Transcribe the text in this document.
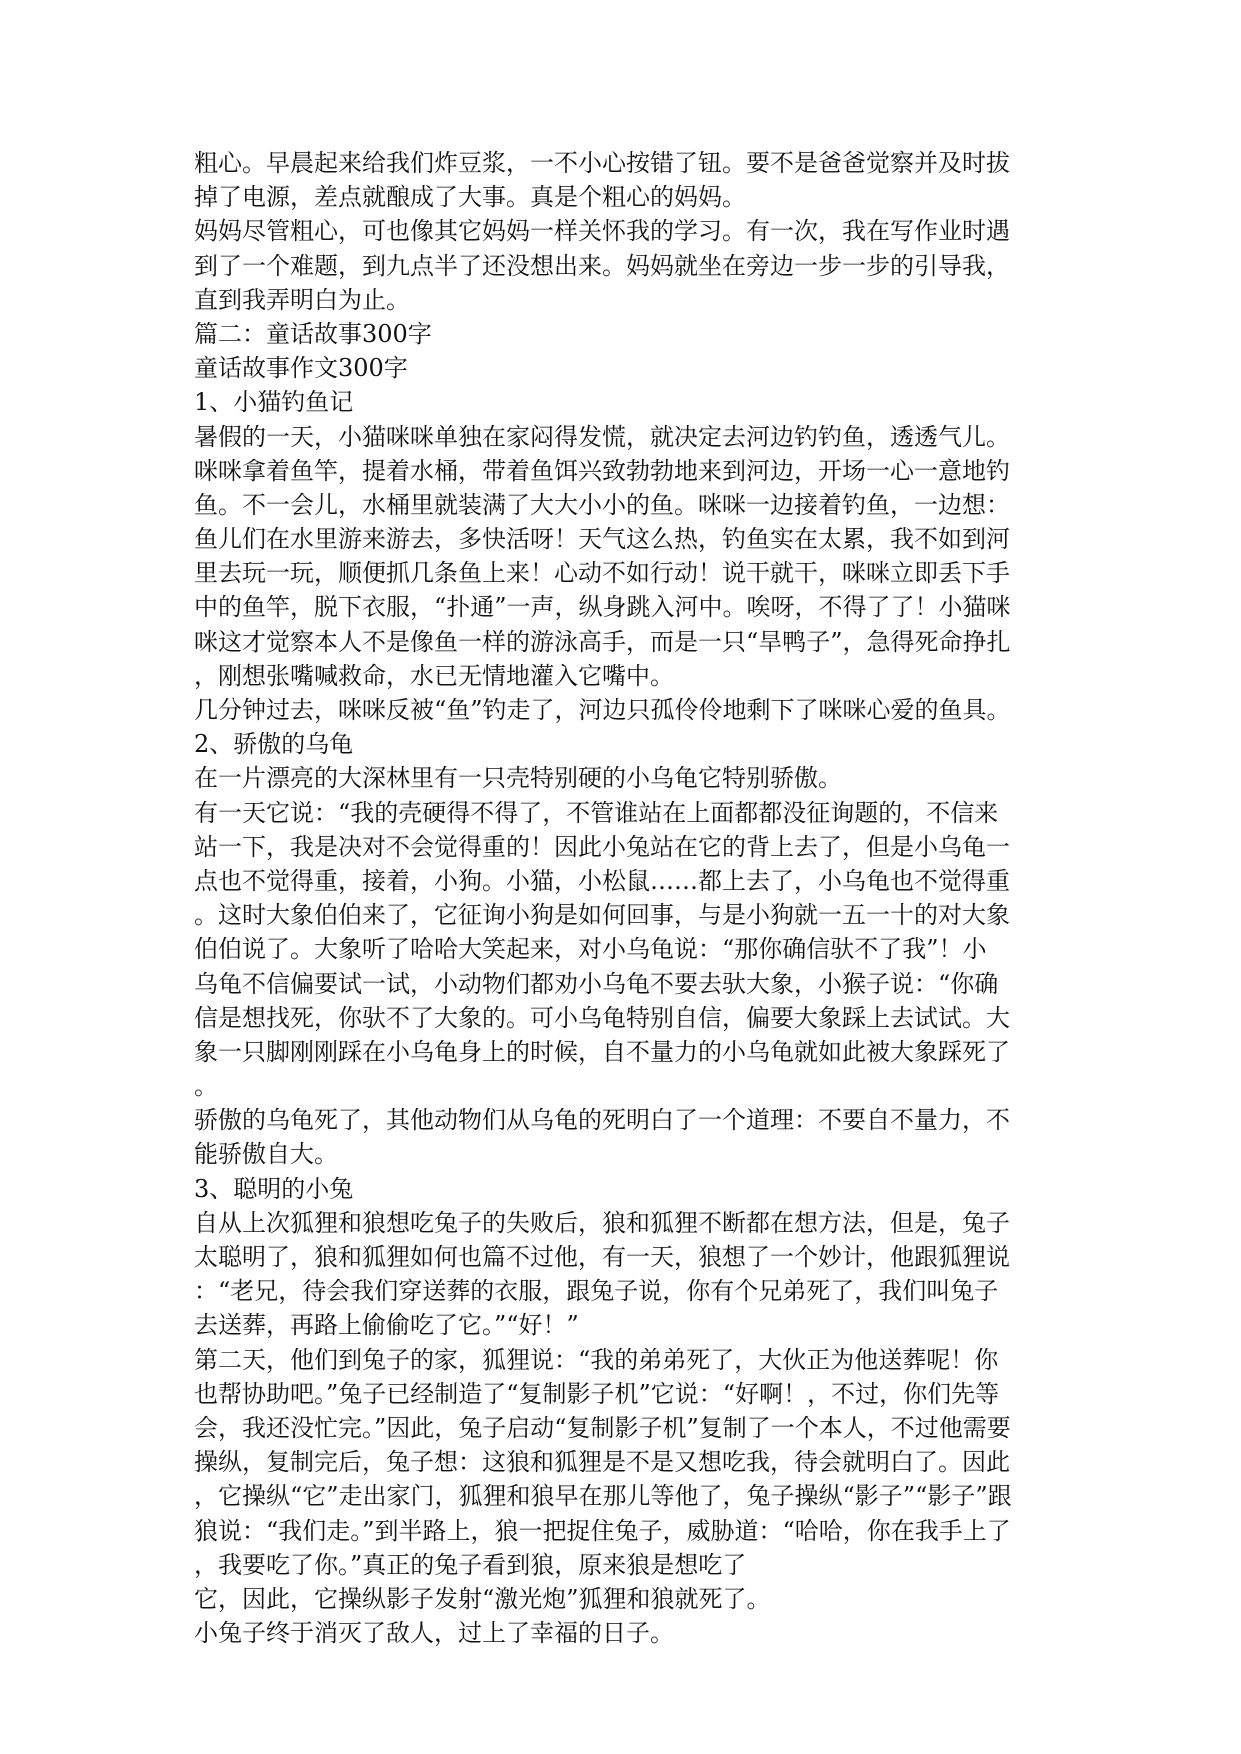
粗心。早晨起来给我们炸豆浆，一不小心按错了钮。要不是爸爸觉察并及时拔
掉了电源，差点就酿成了大事。真是个粗心的妈妈。
妈妈尽管粗心，可也像其它妈妈一样关怀我的学习。有一次，我在写作业时遇
到了一个难题，到九点半了还没想出来。妈妈就坐在旁边一步一步的引导我，
直到我弄明白为止。
篇二：童话故事300字
童话故事作文300字
1、小猫钓鱼记
暑假的一天，小猫咪咪单独在家闷得发慌，就决定去河边钓钓鱼，透透气儿。
咪咪拿着鱼竿，提着水桶，带着鱼饵兴致勃勃地来到河边，开场一心一意地钓
鱼。不一会儿，水桶里就装满了大大小小的鱼。咪咪一边接着钓鱼，一边想：
鱼儿们在水里游来游去，多快活呀！天气这么热，钓鱼实在太累，我不如到河
里去玩一玩，顺便抓几条鱼上来！心动不如行动！说干就干，咪咪立即丢下手
中的鱼竿，脱下衣服，“扑通”一声，纵身跳入河中。唉呀，不得了了！小猫咪
咪这才觉察本人不是像鱼一样的游泳高手，而是一只“旱鸭子”，急得死命挣扎
，刚想张嘴喊救命，水已无情地灌入它嘴中。
几分钟过去，咪咪反被“鱼”钓走了，河边只孤伶伶地剩下了咪咪心爱的鱼具。
2、骄傲的乌龟
在一片漂亮的大深林里有一只壳特别硬的小乌龟它特别骄傲。
有一天它说：“我的壳硬得不得了，不管谁站在上面都都没征询题的，不信来
站一下，我是决对不会觉得重的！因此小兔站在它的背上去了，但是小乌龟一
点也不觉得重，接着，小狗。小猫，小松鼠……都上去了，小乌龟也不觉得重
。这时大象伯伯来了，它征询小狗是如何回事，与是小狗就一五一十的对大象
伯伯说了。大象听了哈哈大笑起来，对小乌龟说：“那你确信驮不了我”！小
乌龟不信偏要试一试，小动物们都劝小乌龟不要去驮大象，小猴子说：“你确
信是想找死，你驮不了大象的。可小乌龟特别自信，偏要大象踩上去试试。大
象一只脚刚刚踩在小乌龟身上的时候，自不量力的小乌龟就如此被大象踩死了
。
骄傲的乌龟死了，其他动物们从乌龟的死明白了一个道理：不要自不量力，不
能骄傲自大。
3、聪明的小兔
自从上次狐狸和狼想吃兔子的失败后，狼和狐狸不断都在想方法，但是，兔子
太聪明了，狼和狐狸如何也篇不过他，有一天，狼想了一个妙计，他跟狐狸说
：“老兄，待会我们穿送葬的衣服，跟兔子说，你有个兄弟死了，我们叫兔子
去送葬，再路上偷偷吃了它。”“好！”
第二天，他们到兔子的家，狐狸说：“我的弟弟死了，大伙正为他送葬呢！你
也帮协助吧。”兔子已经制造了“复制影子机”它说：“好啊！，不过，你们先等
会，我还没忙完。”因此，兔子启动“复制影子机”复制了一个本人，不过他需要
操纵，复制完后，兔子想：这狼和狐狸是不是又想吃我，待会就明白了。因此
，它操纵“它”走出家门，狐狸和狼早在那儿等他了，兔子操纵“影子”“影子”跟
狼说：“我们走。”到半路上，狼一把捉住兔子，威胁道：“哈哈，你在我手上了
，我要吃了你。”真正的兔子看到狼，原来狼是想吃了
它，因此，它操纵影子发射“激光炮”狐狸和狼就死了。
小兔子终于消灭了敌人，过上了幸福的日子。
